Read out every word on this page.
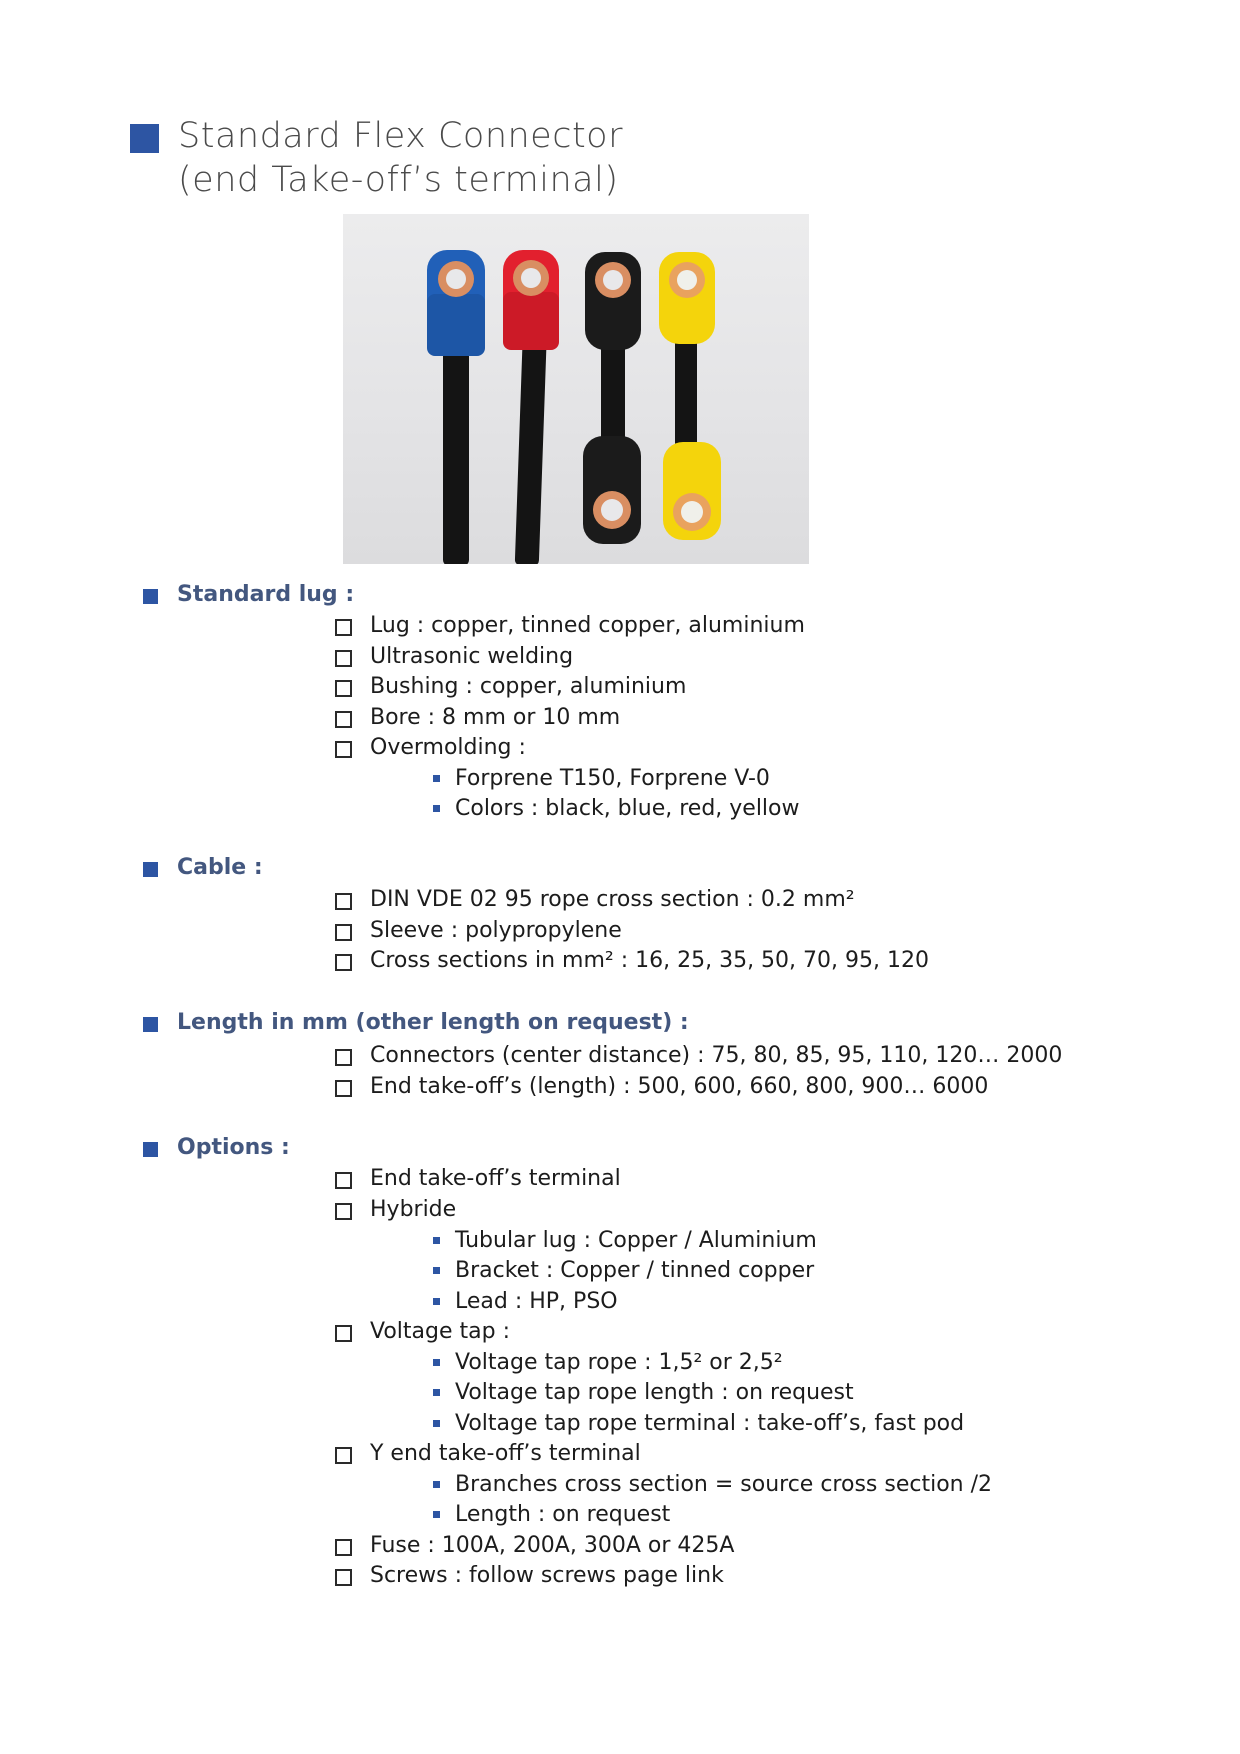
Standard Flex Connector
(end Take-off’s terminal)
Standard lug :
Lug : copper, tinned copper, aluminium
Ultrasonic welding
Bushing : copper, aluminium
Bore : 8 mm or 10 mm
Overmolding :
Forprene T150, Forprene V-0
Colors : black, blue, red, yellow
Cable :
DIN VDE 02 95 rope cross section : 0.2 mm²
Sleeve : polypropylene
Cross sections in mm² : 16, 25, 35, 50, 70, 95, 120
Length in mm (other length on request) :
Connectors (center distance) : 75, 80, 85, 95, 110, 120… 2000
End take-off’s (length) : 500, 600, 660, 800, 900… 6000
Options :
End take-off’s terminal
Hybride
Tubular lug : Copper / Aluminium
Bracket : Copper / tinned copper
Lead : HP, PSO
Voltage tap :
Voltage tap rope : 1,5² or 2,5²
Voltage tap rope length : on request
Voltage tap rope terminal : take-off’s, fast pod
Y end take-off’s terminal
Branches cross section = source cross section /2
Length : on request
Fuse : 100A, 200A, 300A or 425A
Screws : follow screws page link
